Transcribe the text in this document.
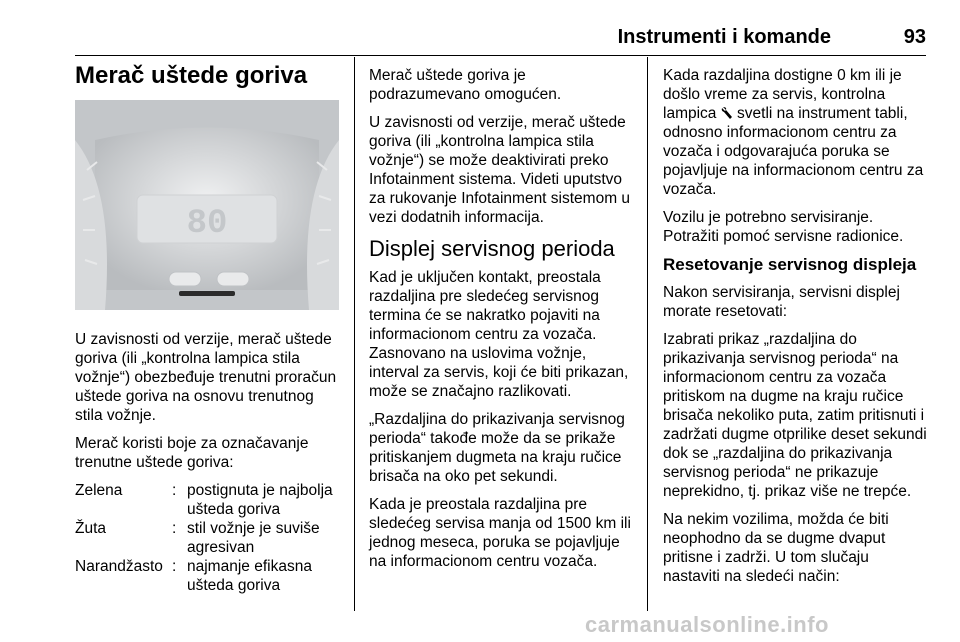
Instrumenti i komande	93
Merač uštede goriva
80

U zavisnosti od verzije, merač uštede goriva (ili „kontrolna lampica stila vožnje“) obezbeđuje trenutni proračun uštede goriva na osnovu trenutnog stila vožnje.

Merač koristi boje za označavanje trenutne uštede goriva:

Zelena	:	postignuta je najbolja ušteda goriva
Žuta	:	stil vožnje je suviše agresivan
Narandžasto	:	najmanje efikasna ušteda goriva

Merač uštede goriva je podrazumevano omogućen.

U zavisnosti od verzije, merač uštede goriva (ili „kontrolna lampica stila vožnje“) se može deaktivirati preko Infotainment sistema. Videti uputstvo za rukovanje Infotainment sistemom u vezi dodatnih informacija.

Displej servisnog perioda

Kad je uključen kontakt, preostala razdaljina pre sledećeg servisnog termina će se nakratko pojaviti na informacionom centru za vozača. Zasnovano na uslovima vožnje, interval za servis, koji će biti prikazan, može se značajno razlikovati.

„Razdaljina do prikazivanja servisnog perioda“ takođe može da se prikaže pritiskanjem dugmeta na kraju ručice brisača na oko pet sekundi.

Kada je preostala razdaljina pre sledećeg servisa manja od 1500 km ili jednog meseca, poruka se pojavljuje na informacionom centru vozača.

Kada razdaljina dostigne 0 km ili je došlo vreme za servis, kontrolna lampica svetli na instrument tabli, odnosno informacionom centru za vozača i odgovarajuća poruka se pojavljuje na informacionom centru za vozača.

Vozilu je potrebno servisiranje. Potražiti pomoć servisne radionice.

Resetovanje servisnog displeja

Nakon servisiranja, servisni displej morate resetovati:

Izabrati prikaz „razdaljina do prikazivanja servisnog perioda“ na informacionom centru za vozača pritiskom na dugme na kraju ručice brisača nekoliko puta, zatim pritisnuti i zadržati dugme otprilike deset sekundi dok se „razdaljina do prikazivanja servisnog perioda“ ne prikazuje neprekidno, tj. prikaz više ne trepće.

Na nekim vozilima, možda će biti neophodno da se dugme dvaput pritisne i zadrži. U tom slučaju nastaviti na sledeći način:

carmanualsonline.info
